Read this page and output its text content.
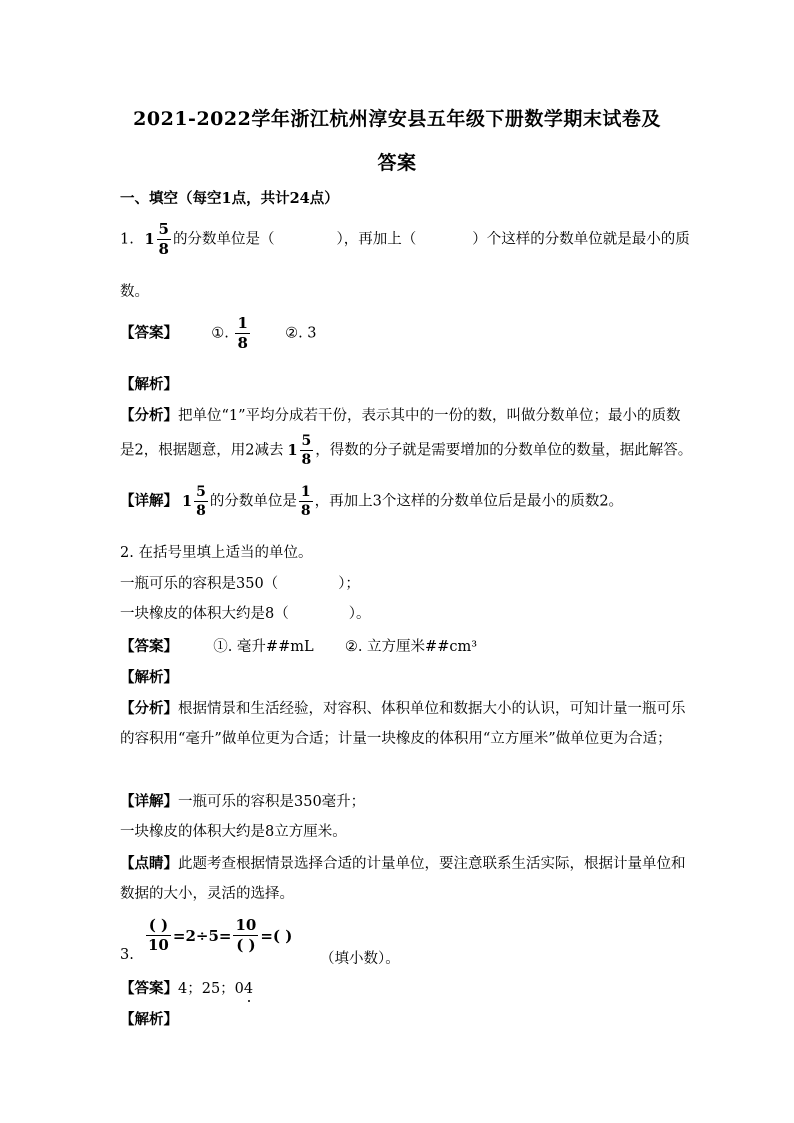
2021-2022学年浙江杭州淳安县五年级下册数学期末试卷及
答案
一、填空（每空1点，共计24点）
1. $1 \frac{5}{8}$ 的分数单位是（	），再加上（	）个这样的分数单位就是最小的质
数。
【答案】 ①. $\frac{1}{8}$ ②. 3
【解析】
【分析】把单位“1”平均分成若干份，表示其中的一份的数，叫做分数单位；最小的质数
是2，根据题意，用2减去 $1 \frac{5}{8}$ ，得数的分子就是需要增加的分数单位的数量，据此解答。
【详解】 $1 \frac{5}{8}$ 的分数单位是 $\frac{1}{8}$ ，再加上3个这样的分数单位后是最小的质数2。
2. 在括号里填上适当的单位。
一瓶可乐的容积是350（	）；
一块橡皮的体积大约是8（	）。
【答案】 ①. 毫升##mL ②. 立方厘米##cm³
【解析】
【分析】根据情景和生活经验，对容积、体积单位和数据大小的认识，可知计量一瓶可乐
的容积用“毫升”做单位更为合适；计量一块橡皮的体积用“立方厘米”做单位更为合适；
【详解】一瓶可乐的容积是350毫升；
一块橡皮的体积大约是8立方厘米。
【点睛】此题考查根据情景选择合适的计量单位，要注意联系生活实际，根据计量单位和
数据的大小，灵活的选择。
3.
$\frac{( )}{10} =2\div 5= \frac{10}{( )}$ =( )
（填小数）。
【答案】4；25；04
【解析】
